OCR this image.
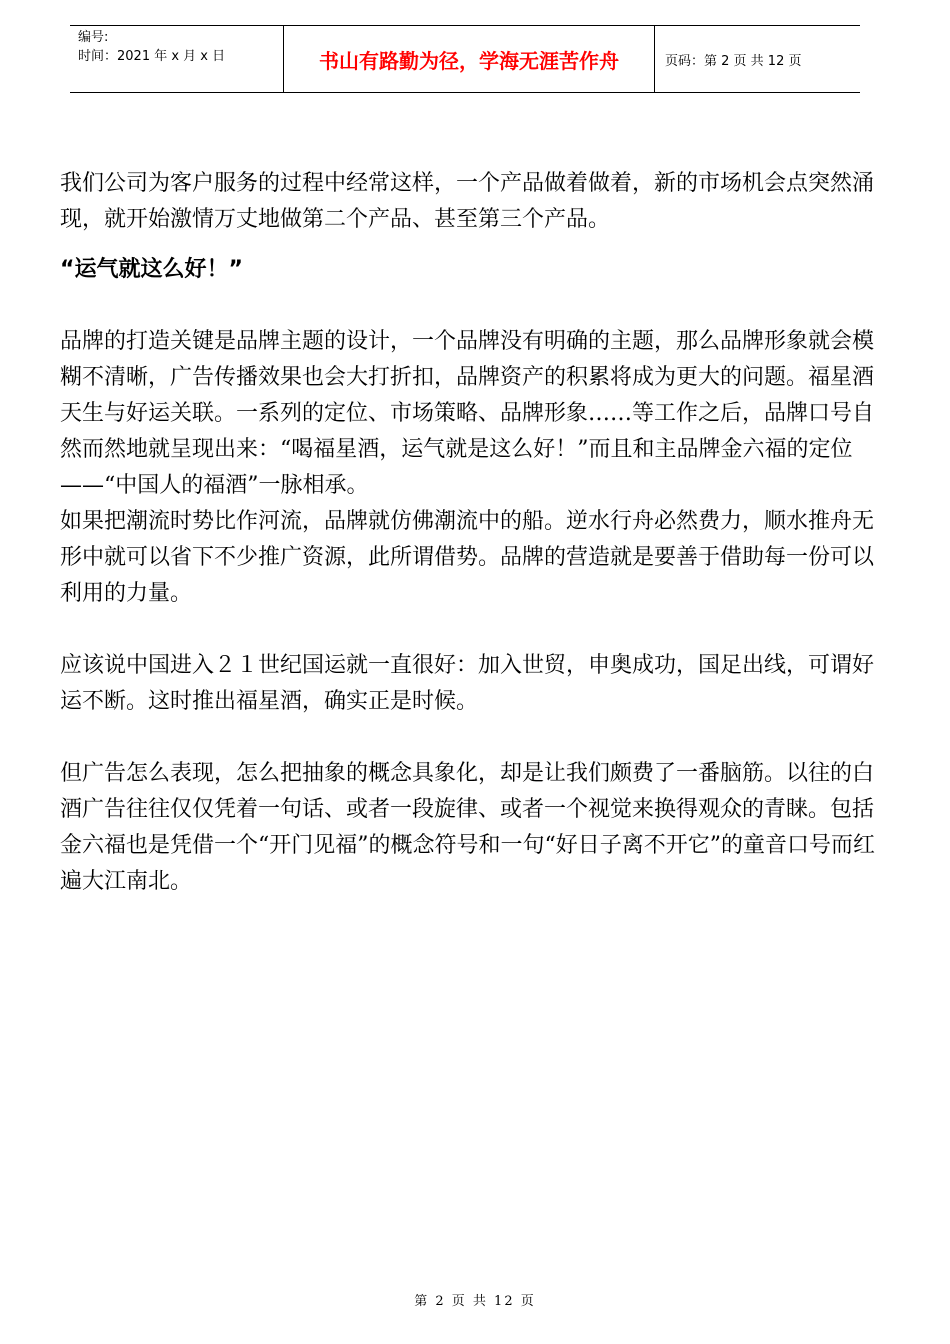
编号:
时间：2021 年 x 月 x 日	书山有路勤为径，学海无涯苦作舟	页码：第 2 页 共 12 页

我们公司为客户服务的过程中经常这样，一个产品做着做着，新的市场机会点突然涌现，就开始激情万丈地做第二个产品、甚至第三个产品。

“运气就这么好！”

品牌的打造关键是品牌主题的设计，一个品牌没有明确的主题，那么品牌形象就会模糊不清晰，广告传播效果也会大打折扣，品牌资产的积累将成为更大的问题。福星酒天生与好运关联。一系列的定位、市场策略、品牌形象……等工作之后，品牌口号自然而然地就呈现出来：“喝福星酒，运气就是这么好！”而且和主品牌金六福的定位——“中国人的福酒”一脉相承。

如果把潮流时势比作河流，品牌就仿佛潮流中的船。逆水行舟必然费力，顺水推舟无形中就可以省下不少推广资源，此所谓借势。品牌的营造就是要善于借助每一份可以利用的力量。

应该说中国进入２１世纪国运就一直很好：加入世贸，申奥成功，国足出线，可谓好运不断。这时推出福星酒，确实正是时候。

但广告怎么表现，怎么把抽象的概念具象化，却是让我们颇费了一番脑筋。以往的白酒广告往往仅仅凭着一句话、或者一段旋律、或者一个视觉来换得观众的青睐。包括金六福也是凭借一个“开门见福”的概念符号和一句“好日子离不开它”的童音口号而红遍大江南北。

第 2 页 共 12 页
